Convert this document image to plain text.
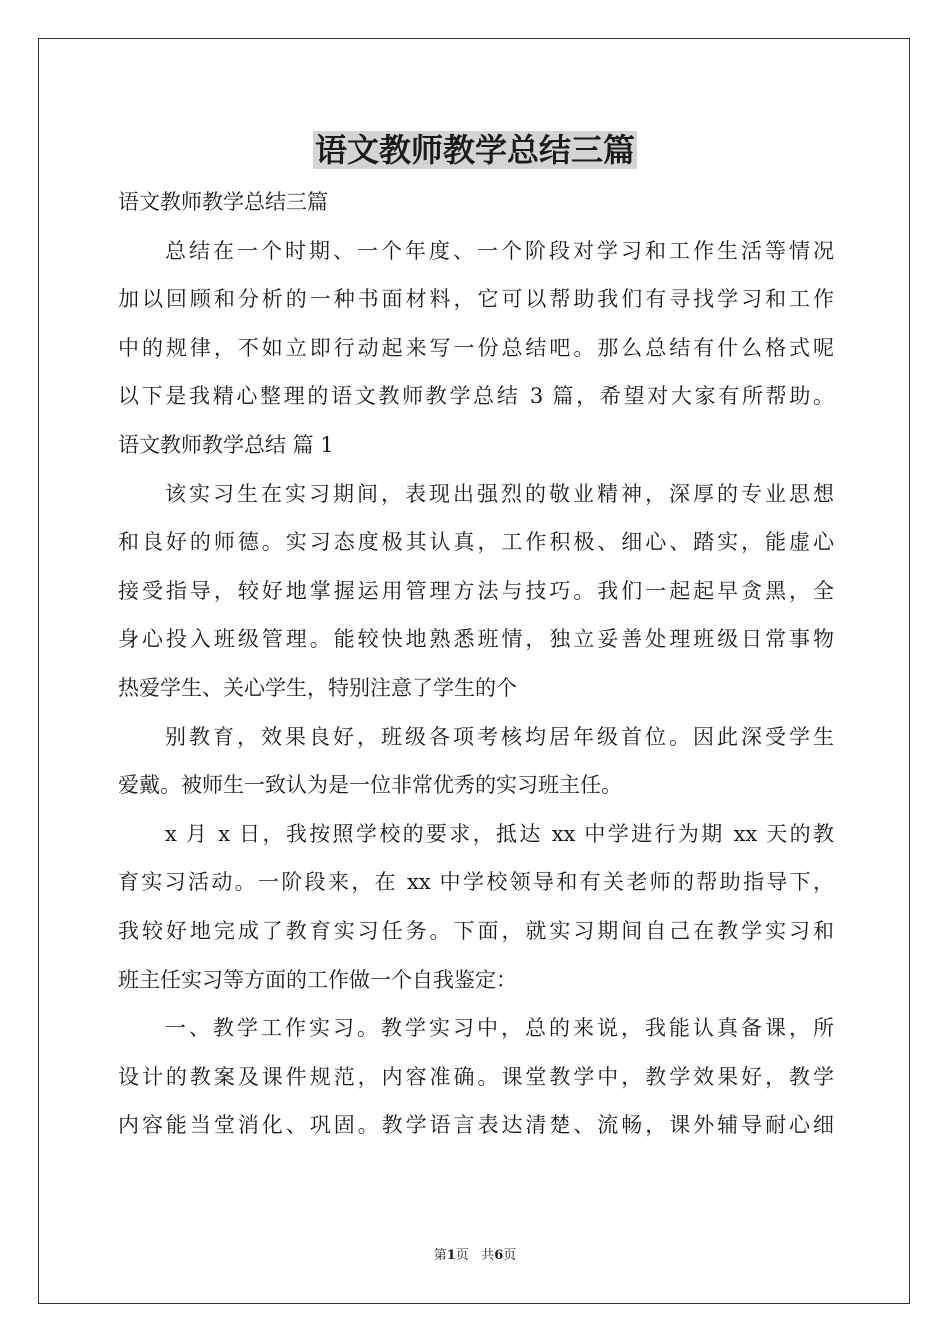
语文教师教学总结三篇
语文教师教学总结三篇
总结在一个时期、一个年度、一个阶段对学习和工作生活等情况
加以回顾和分析的一种书面材料，它可以帮助我们有寻找学习和工作
中的规律，不如立即行动起来写一份总结吧。那么总结有什么格式呢
以下是我精心整理的语文教师教学总结 3 篇，希望对大家有所帮助。
语文教师教学总结 篇 1
该实习生在实习期间，表现出强烈的敬业精神，深厚的专业思想
和良好的师德。实习态度极其认真，工作积极、细心、踏实，能虚心
接受指导，较好地掌握运用管理方法与技巧。我们一起起早贪黑，全
身心投入班级管理。能较快地熟悉班情，独立妥善处理班级日常事物
热爱学生、关心学生，特别注意了学生的个
别教育，效果良好，班级各项考核均居年级首位。因此深受学生
爱戴。被师生一致认为是一位非常优秀的实习班主任。
x 月 x 日，我按照学校的要求，抵达 xx 中学进行为期 xx 天的教
育实习活动。一阶段来，在 xx 中学校领导和有关老师的帮助指导下，
我较好地完成了教育实习任务。下面，就实习期间自己在教学实习和
班主任实习等方面的工作做一个自我鉴定：
一、教学工作实习。教学实习中，总的来说，我能认真备课，所
设计的教案及课件规范，内容准确。课堂教学中，教学效果好，教学
内容能当堂消化、巩固。教学语言表达清楚、流畅，课外辅导耐心细
第1页 共6页
